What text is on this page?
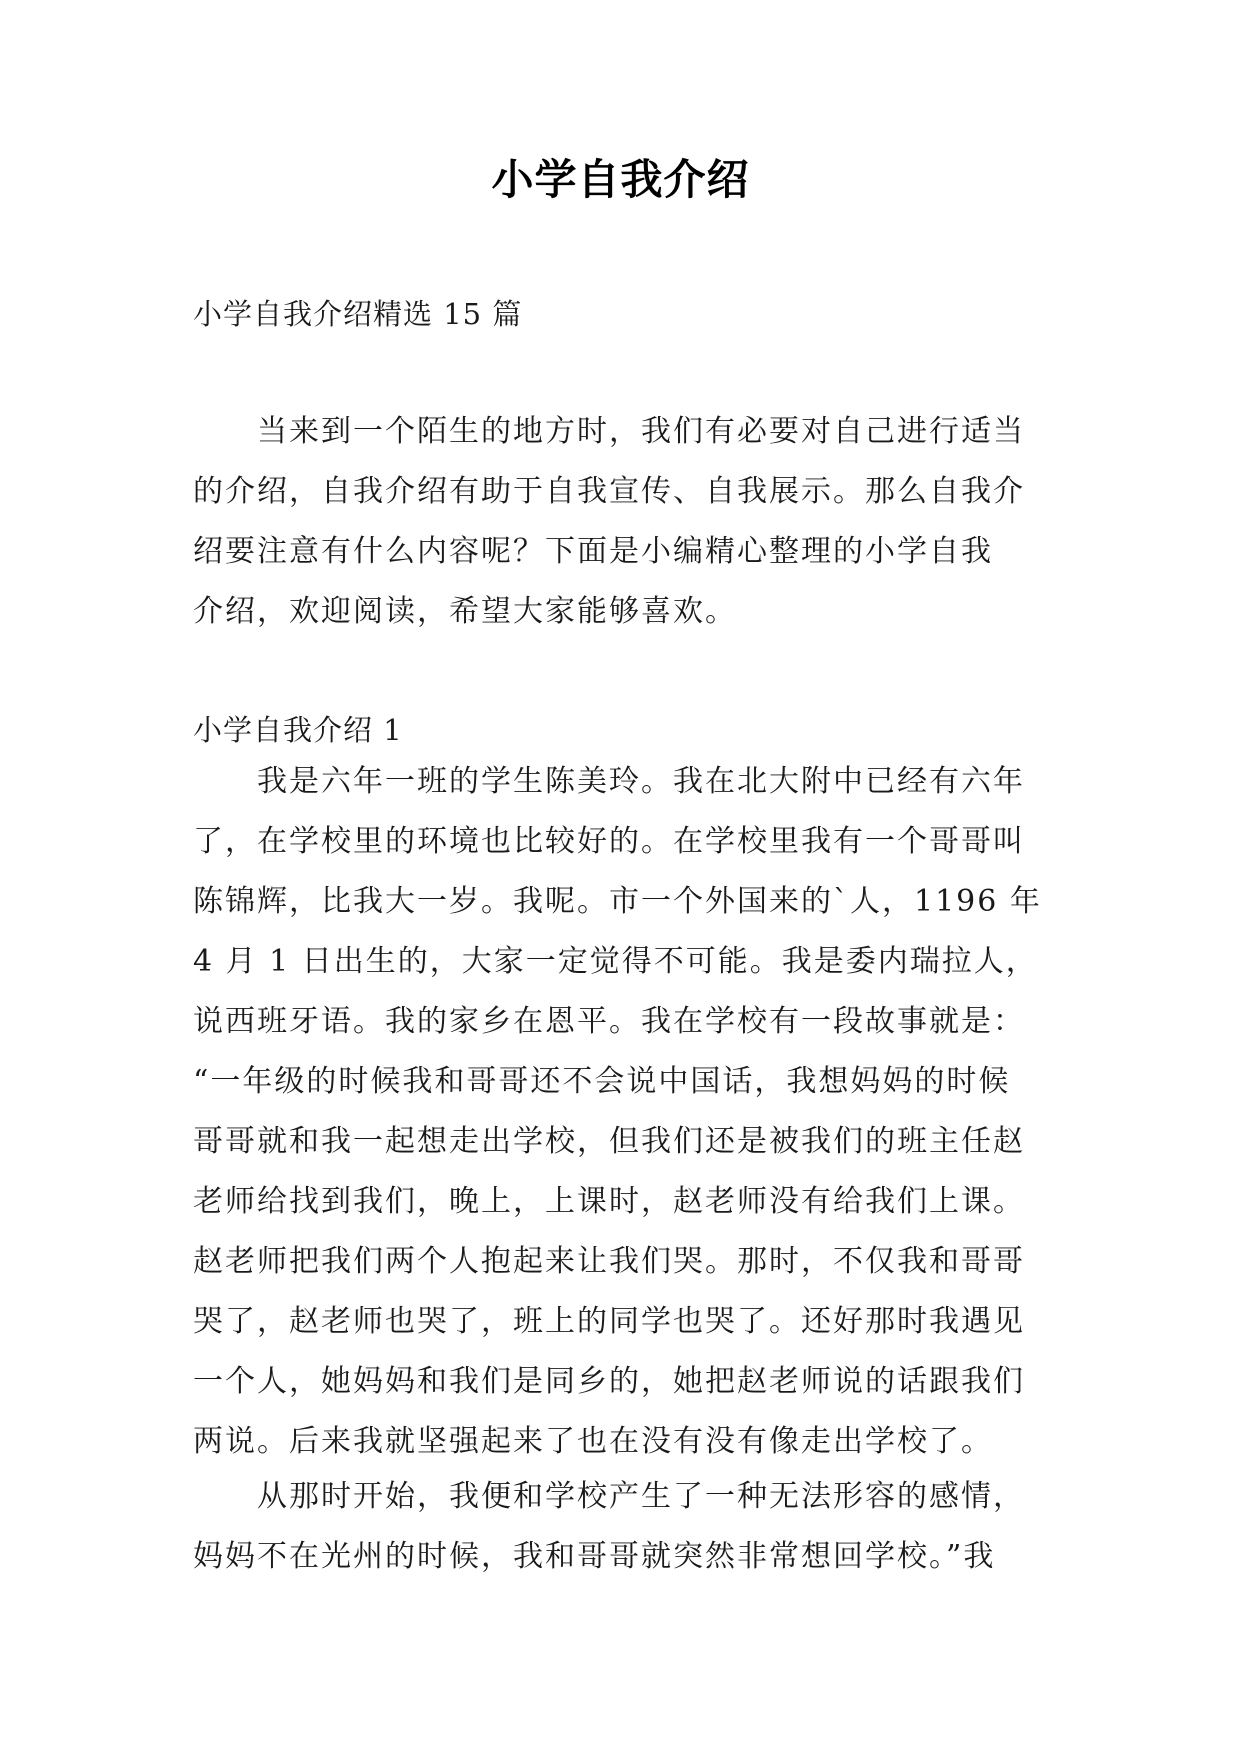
小学自我介绍
小学自我介绍精选 15 篇
当来到一个陌生的地方时，我们有必要对自己进行适当
的介绍，自我介绍有助于自我宣传、自我展示。那么自我介
绍要注意有什么内容呢？下面是小编精心整理的小学自我
介绍，欢迎阅读，希望大家能够喜欢。
小学自我介绍 1
我是六年一班的学生陈美玲。我在北大附中已经有六年
了，在学校里的环境也比较好的。在学校里我有一个哥哥叫
陈锦辉，比我大一岁。我呢。市一个外国来的`人，1196 年
4 月 1 日出生的，大家一定觉得不可能。我是委内瑞拉人，
说西班牙语。我的家乡在恩平。我在学校有一段故事就是：
“一年级的时候我和哥哥还不会说中国话，我想妈妈的时候
哥哥就和我一起想走出学校，但我们还是被我们的班主任赵
老师给找到我们，晚上，上课时，赵老师没有给我们上课。
赵老师把我们两个人抱起来让我们哭。那时，不仅我和哥哥
哭了，赵老师也哭了，班上的同学也哭了。还好那时我遇见
一个人，她妈妈和我们是同乡的，她把赵老师说的话跟我们
两说。后来我就坚强起来了也在没有没有像走出学校了。
从那时开始，我便和学校产生了一种无法形容的感情，
妈妈不在光州的时候，我和哥哥就突然非常想回学校。”我
